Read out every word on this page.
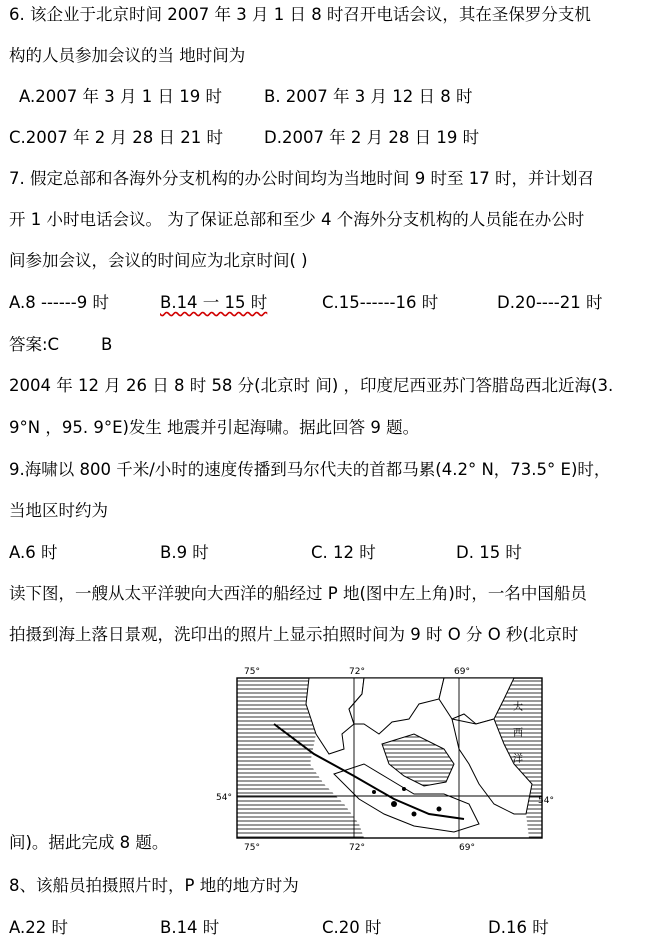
6. 该企业于北京时间 2007 年 3 月 1 日 8 时召开电话会议，其在圣保罗分支机
构的人员参加会议的当 地时间为
A.2007 年 3 月 1 日 19 时	B. 2007 年 3 月 12 日 8 时
C.2007 年 2 月 28 日 21 时 D.2007 年 2 月 28 日 19 时
7. 假定总部和各海外分支机构的办公时间均为当地时间 9 时至 17 时，并计划召
开 1 小时电话会议。 为了保证总部和至少 4 个海外分支机构的人员能在办公时
间参加会议，会议的时间应为北京时间( )
A.8 ------9 时	B.14 一 15 时	C.15------16 时	D.20----21 时
答案:C        B
2004 年 12 月 26 日 8 时 58 分(北京时 间) ，印度尼西亚苏门答腊岛西北近海(3.
9°N ，95. 9°E)发生 地震并引起海啸。据此回答 9 题。
9.海啸以 800 千米/小时的速度传播到马尔代夫的首都马累(4.2° N，73.5° E)时，
当地区时约为
A.6 时	B.9 时	C. 12 时	D. 15 时
读下图，一艘从太平洋驶向大西洋的船经过 P 地(图中左上角)时，一名中国船员
拍摄到海上落日景观，洗印出的照片上显示拍照时间为 9 时 O 分 O 秒(北京时
75°	72°	69°
75°	72°	69°
54°	54°
大
西
洋
间)。据此完成 8 题。
8、该船员拍摄照片时，P 地的地方时为
A.22 时	B.14 时	C.20 时	D.16 时
